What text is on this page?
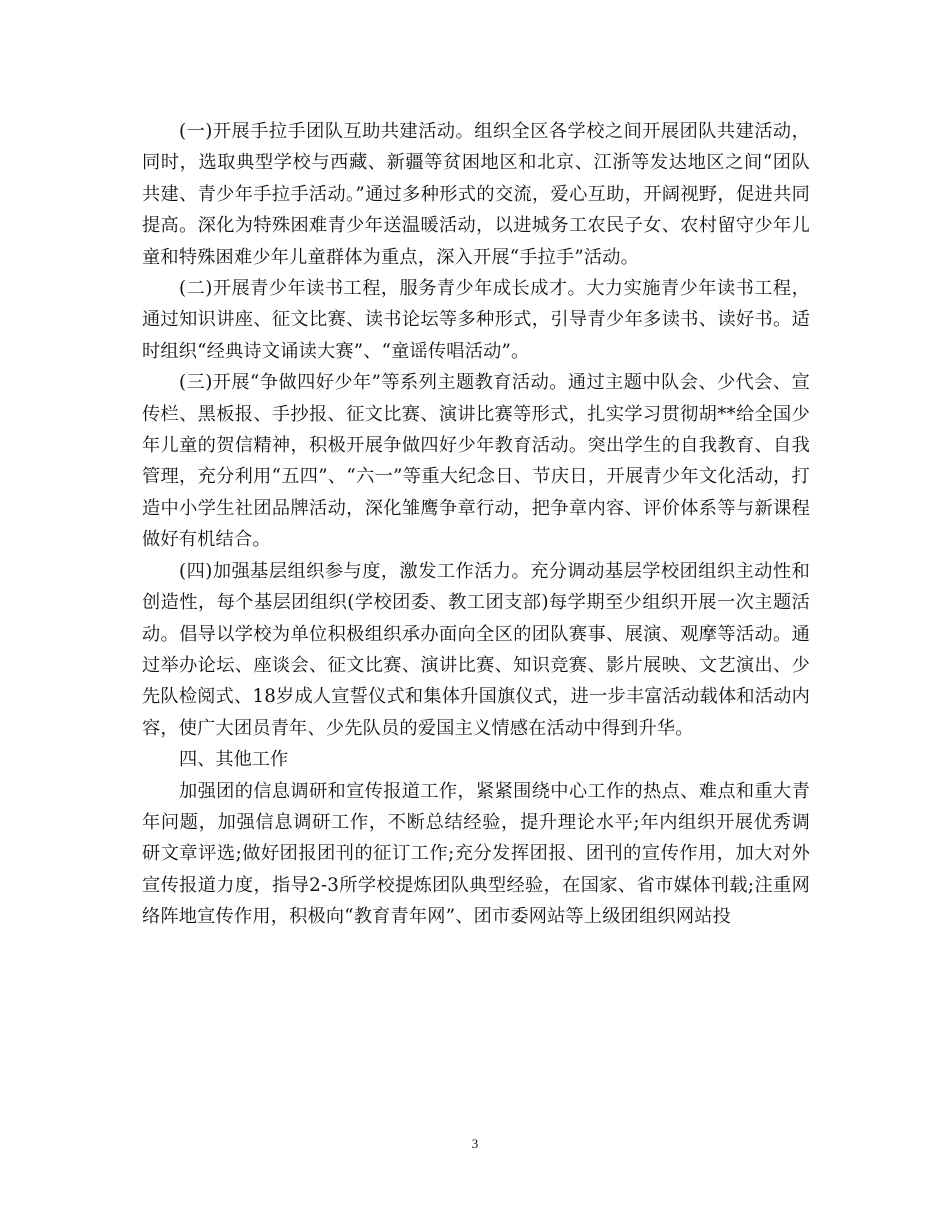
(一)开展手拉手团队互助共建活动。组织全区各学校之间开展团队共建活动，同时，选取典型学校与西藏、新疆等贫困地区和北京、江浙等发达地区之间“团队共建、青少年手拉手活动。”通过多种形式的交流，爱心互助，开阔视野，促进共同提高。深化为特殊困难青少年送温暖活动，以进城务工农民子女、农村留守少年儿童和特殊困难少年儿童群体为重点，深入开展“手拉手”活动。

(二)开展青少年读书工程，服务青少年成长成才。大力实施青少年读书工程，通过知识讲座、征文比赛、读书论坛等多种形式，引导青少年多读书、读好书。适时组织“经典诗文诵读大赛”、“童谣传唱活动”。

(三)开展“争做四好少年”等系列主题教育活动。通过主题中队会、少代会、宣传栏、黑板报、手抄报、征文比赛、演讲比赛等形式，扎实学习贯彻胡**给全国少年儿童的贺信精神，积极开展争做四好少年教育活动。突出学生的自我教育、自我管理，充分利用“五四”、“六一”等重大纪念日、节庆日，开展青少年文化活动，打造中小学生社团品牌活动，深化雏鹰争章行动，把争章内容、评价体系等与新课程做好有机结合。

(四)加强基层组织参与度，激发工作活力。充分调动基层学校团组织主动性和创造性，每个基层团组织(学校团委、教工团支部)每学期至少组织开展一次主题活动。倡导以学校为单位积极组织承办面向全区的团队赛事、展演、观摩等活动。通过举办论坛、座谈会、征文比赛、演讲比赛、知识竞赛、影片展映、文艺演出、少先队检阅式、18岁成人宣誓仪式和集体升国旗仪式，进一步丰富活动载体和活动内容，使广大团员青年、少先队员的爱国主义情感在活动中得到升华。

四、其他工作

加强团的信息调研和宣传报道工作，紧紧围绕中心工作的热点、难点和重大青年问题，加强信息调研工作，不断总结经验，提升理论水平;年内组织开展优秀调研文章评选;做好团报团刊的征订工作;充分发挥团报、团刊的宣传作用，加大对外宣传报道力度，指导2-3所学校提炼团队典型经验，在国家、省市媒体刊载;注重网络阵地宣传作用，积极向“教育青年网”、团市委网站等上级团组织网站投

3
